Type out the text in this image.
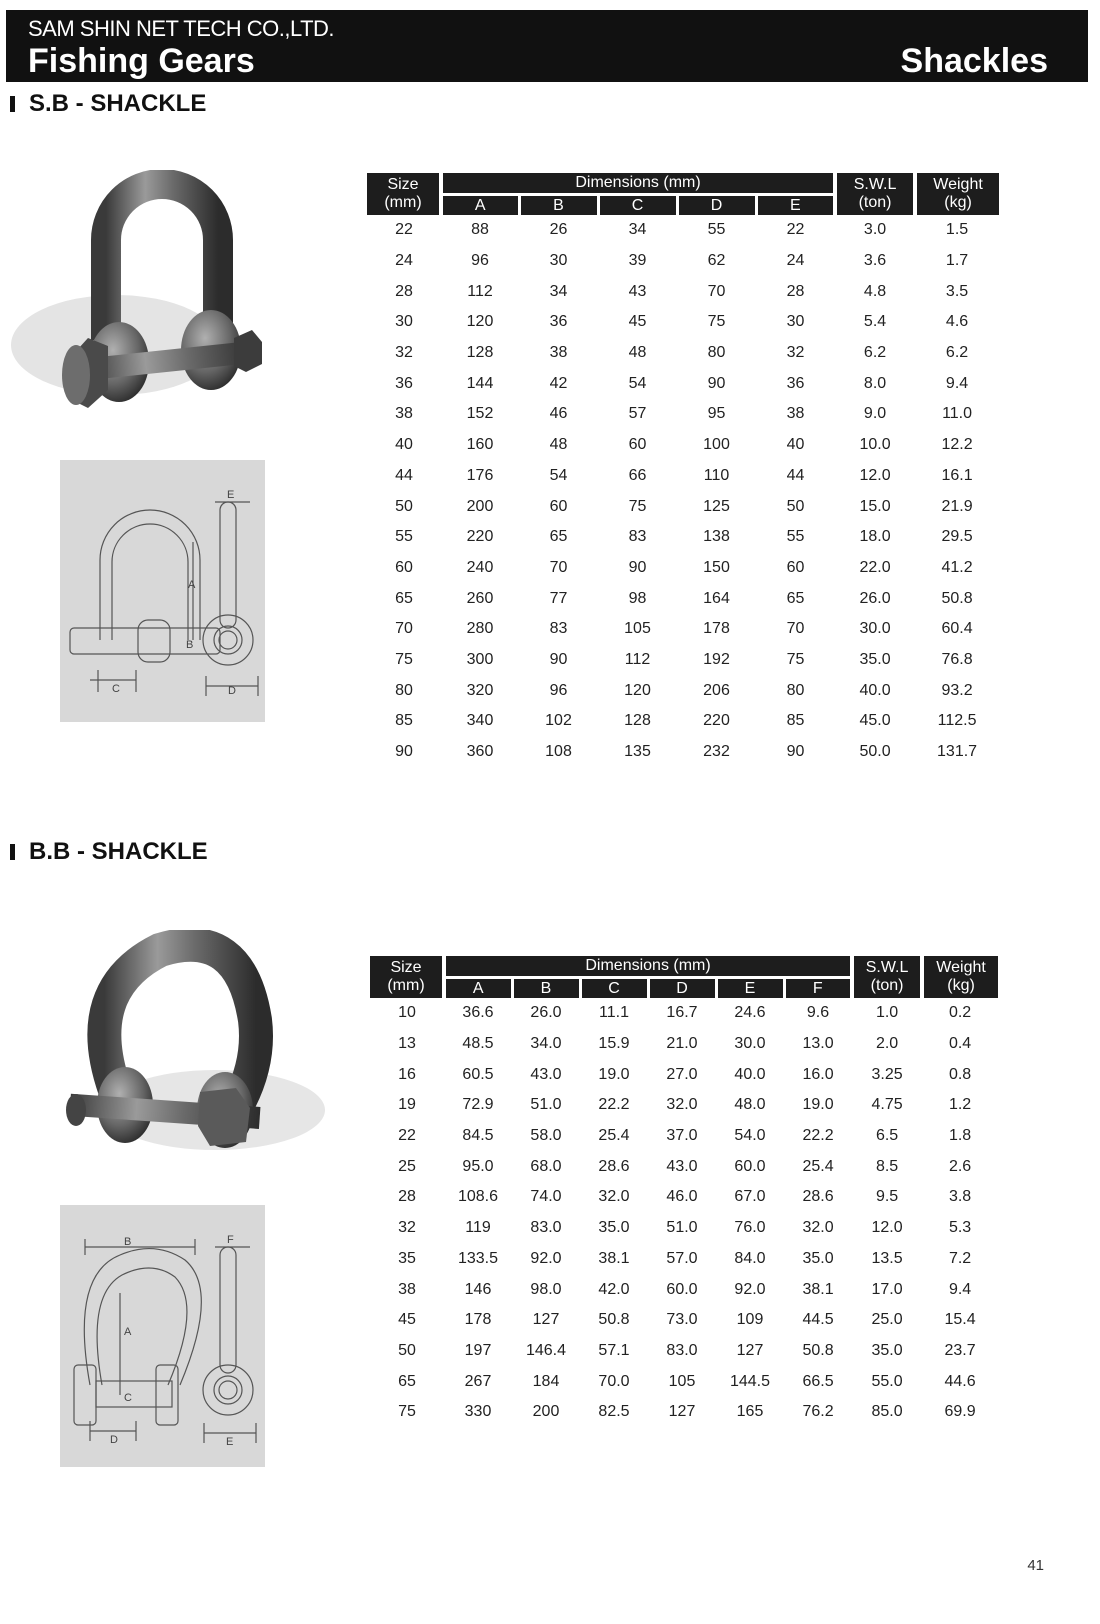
SAM SHIN NET TECH CO.,LTD.
Fishing Gears	Shackles
S.B - SHACKLE
A
B
C	D
E
Size
(mm)	Dimensions (mm)					S.W.L
(ton)	Weight
(kg)
	A	B	C	D	E		
22	88	26	34	55	22	3.0	1.5
24	96	30	39	62	24	3.6	1.7
28	112	34	43	70	28	4.8	3.5
30	120	36	45	75	30	5.4	4.6
32	128	38	48	80	32	6.2	6.2
36	144	42	54	90	36	8.0	9.4
38	152	46	57	95	38	9.0	11.0
40	160	48	60	100	40	10.0	12.2
44	176	54	66	110	44	12.0	16.1
50	200	60	75	125	50	15.0	21.9
55	220	65	83	138	55	18.0	29.5
60	240	70	90	150	60	22.0	41.2
65	260	77	98	164	65	26.0	50.8
70	280	83	105	178	70	30.0	60.4
75	300	90	112	192	75	35.0	76.8
80	320	96	120	206	80	40.0	93.2
85	340	102	128	220	85	45.0	112.5
90	360	108	135	232	90	50.0	131.7
B.B - SHACKLE
B
A
C
D	E
F
Size
(mm)	Dimensions (mm)						S.W.L
(ton)	Weight
(kg)
	A	B	C	D	E	F		
10	36.6	26.0	11.1	16.7	24.6	9.6	1.0	0.2
13	48.5	34.0	15.9	21.0	30.0	13.0	2.0	0.4
16	60.5	43.0	19.0	27.0	40.0	16.0	3.25	0.8
19	72.9	51.0	22.2	32.0	48.0	19.0	4.75	1.2
22	84.5	58.0	25.4	37.0	54.0	22.2	6.5	1.8
25	95.0	68.0	28.6	43.0	60.0	25.4	8.5	2.6
28	108.6	74.0	32.0	46.0	67.0	28.6	9.5	3.8
32	119	83.0	35.0	51.0	76.0	32.0	12.0	5.3
35	133.5	92.0	38.1	57.0	84.0	35.0	13.5	7.2
38	146	98.0	42.0	60.0	92.0	38.1	17.0	9.4
45	178	127	50.8	73.0	109	44.5	25.0	15.4
50	197	146.4	57.1	83.0	127	50.8	35.0	23.7
65	267	184	70.0	105	144.5	66.5	55.0	44.6
75	330	200	82.5	127	165	76.2	85.0	69.9
41
